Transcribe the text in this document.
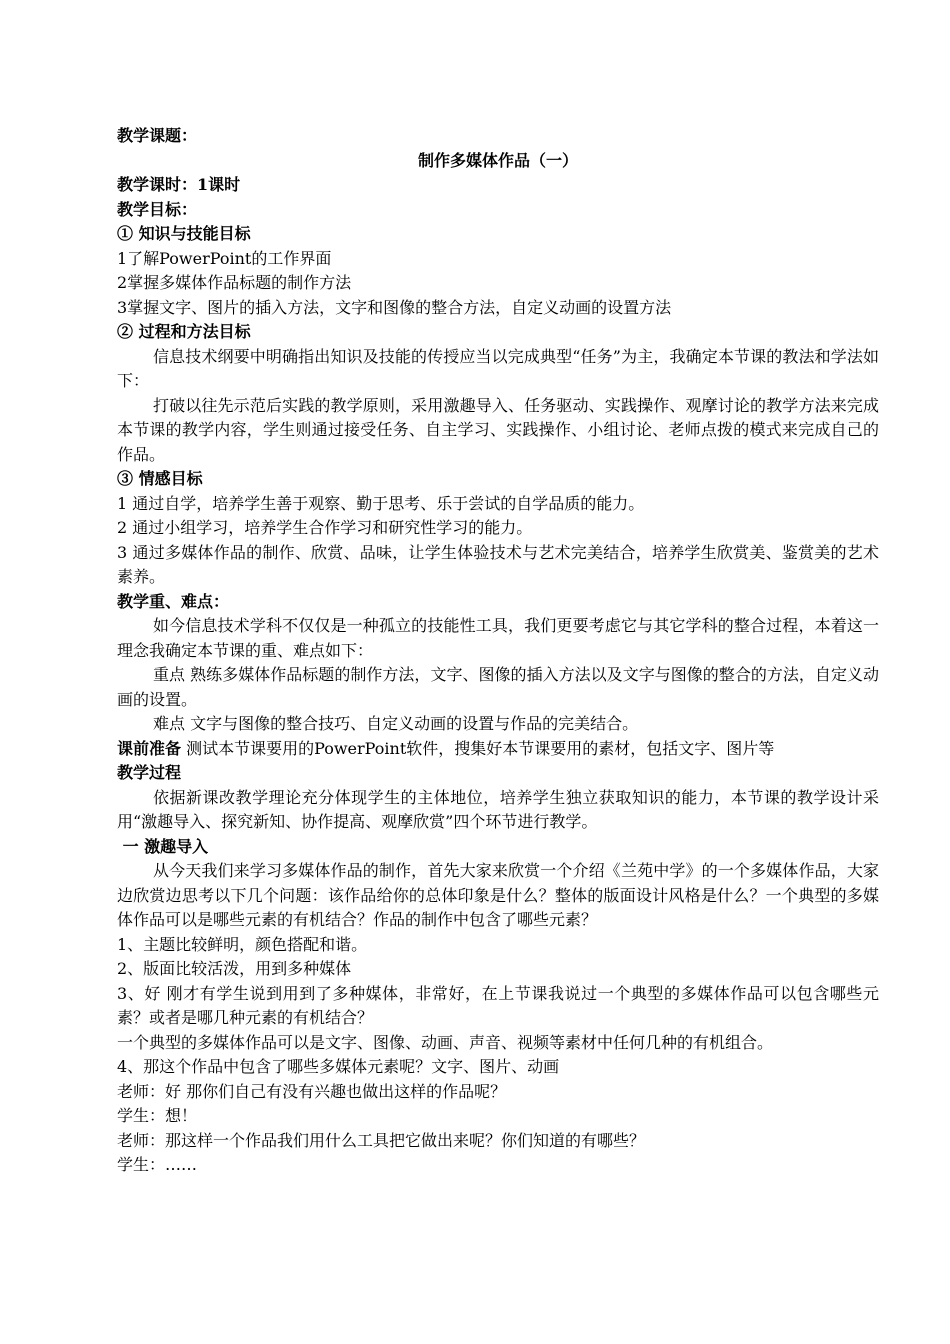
教学课题：

制作多媒体作品（一）

教学课时：1课时

教学目标：

① 知识与技能目标

1了解PowerPoint的工作界面

2掌握多媒体作品标题的制作方法

3掌握文字、图片的插入方法，文字和图像的整合方法，自定义动画的设置方法

② 过程和方法目标

信息技术纲要中明确指出知识及技能的传授应当以完成典型“任务”为主，我确定本节课的教法和学法如下：

打破以往先示范后实践的教学原则，采用激趣导入、任务驱动、实践操作、观摩讨论的教学方法来完成本节课的教学内容，学生则通过接受任务、自主学习、实践操作、小组讨论、老师点拨的模式来完成自己的作品。

③ 情感目标

1 通过自学，培养学生善于观察、勤于思考、乐于尝试的自学品质的能力。

2 通过小组学习，培养学生合作学习和研究性学习的能力。

3 通过多媒体作品的制作、欣赏、品味，让学生体验技术与艺术完美结合，培养学生欣赏美、鉴赏美的艺术素养。

教学重、难点：

如今信息技术学科不仅仅是一种孤立的技能性工具，我们更要考虑它与其它学科的整合过程，本着这一理念我确定本节课的重、难点如下：

重点 熟练多媒体作品标题的制作方法，文字、图像的插入方法以及文字与图像的整合的方法，自定义动画的设置。

难点 文字与图像的整合技巧、自定义动画的设置与作品的完美结合。

课前准备 测试本节课要用的PowerPoint软件，搜集好本节课要用的素材，包括文字、图片等

教学过程

依据新课改教学理论充分体现学生的主体地位，培养学生独立获取知识的能力，本节课的教学设计采用“激趣导入、探究新知、协作提高、观摩欣赏”四个环节进行教学。

一 激趣导入

从今天我们来学习多媒体作品的制作，首先大家来欣赏一个介绍《兰苑中学》的一个多媒体作品，大家边欣赏边思考以下几个问题：该作品给你的总体印象是什么？整体的版面设计风格是什么？一个典型的多媒体作品可以是哪些元素的有机结合？作品的制作中包含了哪些元素？

1、主题比较鲜明，颜色搭配和谐。

2、版面比较活泼，用到多种媒体

3、好 刚才有学生说到用到了多种媒体，非常好，在上节课我说过一个典型的多媒体作品可以包含哪些元素？或者是哪几种元素的有机结合？

一个典型的多媒体作品可以是文字、图像、动画、声音、视频等素材中任何几种的有机组合。

4、那这个作品中包含了哪些多媒体元素呢？文字、图片、动画

老师：好 那你们自己有没有兴趣也做出这样的作品呢？

学生：想！

老师：那这样一个作品我们用什么工具把它做出来呢？你们知道的有哪些？

学生：……
